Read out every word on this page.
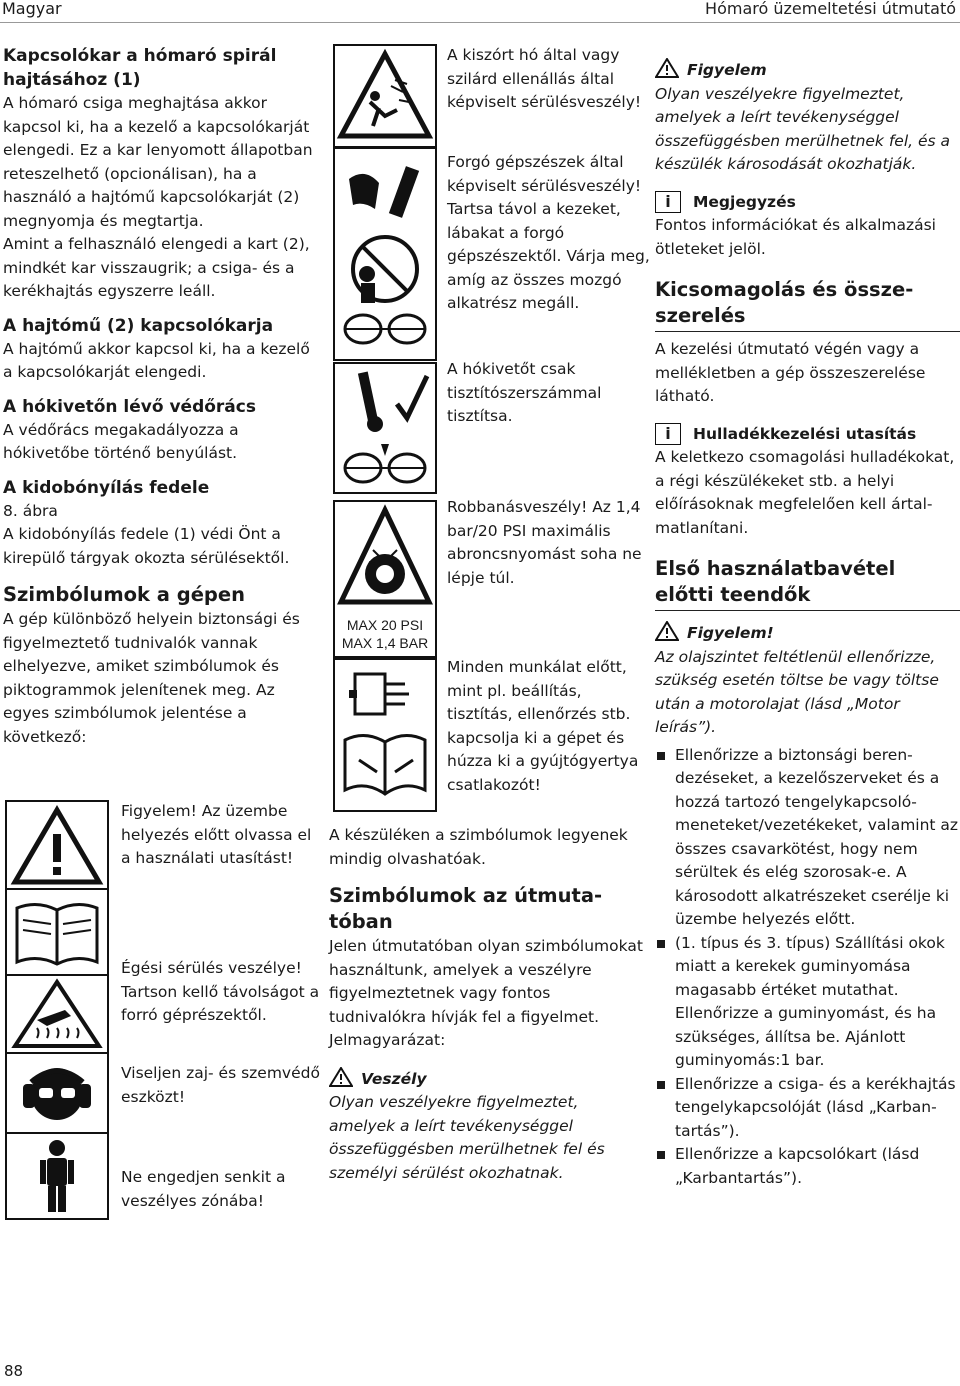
Magyar	Hómaró üzemeltetési útmutató
Kapcsolókar a hómaró spirál hajtásához (1)

A hómaró csiga meghajtása akkor kapcsol ki, ha a kezelő a kapcsolókarját elengedi. Ez a kar lenyomott állapotban reteszelhető (opcionálisan), ha a használó a hajtómű kapcsolókarját (2) megnyomja és megtartja.

Amint a felhasználó elengedi a kart (2), mindkét kar visszaugrik; a csiga- és a kerékhajtás egyszerre leáll.

A hajtómű (2) kapcsolókarja

A hajtómű akkor kapcsol ki, ha a kezelő a kapcsolókarját elengedi.

A hókivetőn lévő védőrács

A védőrács megakadályozza a hókivetőbe történő benyúlást.

A kidobónyílás fedele

8. ábra

A kidobónyílás fedele (1) védi Önt a kirepülő tárgyak okozta sérülésektől.

Szimbólumok a gépen

A gép különböző helyein biztonsági és figyelmeztető tudnivalók vannak elhelyezve, amiket szimbólumok és piktogrammok jelenítenek meg. Az egyes szimbólumok jelentése a következő:

Figyelem! Az üzembe helyezés előtt olvassa el a használati utasítást!
Égési sérülés veszélye! Tartson kellő távolságot a forró géprészektől.
Viseljen zaj- és szemvédő eszközt!
Ne engedjen senkit a veszélyes zónába!
MAX 20 PSI
MAX 1,4 BAR
A kiszórt hó által vagy szilárd ellenállás által képviselt sérülésveszély!
Forgó gépszészek által képviselt sérülésveszély! Tartsa távol a kezeket, lábakat a forgó gépszészektől. Várja meg, amíg az összes mozgó alkatrész megáll.
A hókivetőt csak tisztítószerszámmal tisztítsa.
Robbanásveszély! Az 1,4 bar/20 PSI maximális abroncsnyomást soha ne lépje túl.
Minden munkálat előtt, mint pl. beállítás, tisztítás, ellenőrzés stb. kapcsolja ki a gépet és húzza ki a gyújtógyertya csatlakozót!

A készüléken a szimbólumok legyenek mindig olvashatóak.

Szimbólumok az útmutatóban

Jelen útmutatóban olyan szimbólumokat használtunk, amelyek a veszélyre figyelmeztetnek vagy fontos tudnivalókra hívják fel a figyelmet. Jelmagyarázat:

Veszély

Olyan veszélyekre figyelmeztet, amelyek a leírt tevékenységgel összefüggésben merülhetnek fel és személyi sérülést okozhatnak.

Figyelem

Olyan veszélyekre figyelmeztet, amelyek a leírt tevékenységgel összefüggésben merülhetnek fel, és a készülék károsodását okozhatják.

i Megjegyzés

Fontos információkat és alkalmazási ötleteket jelöl.

Kicsomagolás és összeszerelés

A kezelési útmutató végén vagy a mellékletben a gép összeszerelése látható.

i Hulladékkezelési utasítás

A keletkezo csomagolási hulladékokat, a régi készülékeket stb. a helyi előírásoknak megfelelően kell ártalmatlanítani.

Első használatbavétel előtti teendők
Figyelem!

Az olajszintet feltétlenül ellenőrizze, szükség esetén töltse be vagy töltse után a motorolajat (lásd „Motor leírás”).

Ellenőrizze a biztonsági berendezéseket, a kezelőszerveket és a hozzá tartozó tengelykapcsolómeneteket/vezetékeket, valamint az összes csavarkötést, hogy nem sérültek és elég szorosak-e. A károsodott alkatrészeket cserélje ki üzembe helyezés előtt.
(1. típus és 3. típus) Szállítási okok miatt a kerekek guminyomása magasabb értéket mutathat. Ellenőrizze a guminyomást, és ha szükséges, állítsa be. Ajánlott guminyomás:1 bar.
Ellenőrizze a csiga- és a kerékhajtás tengelykapcsolóját (lásd „Karbantartás”).
Ellenőrizze a kapcsolókart (lásd „Karbantartás”).
88
